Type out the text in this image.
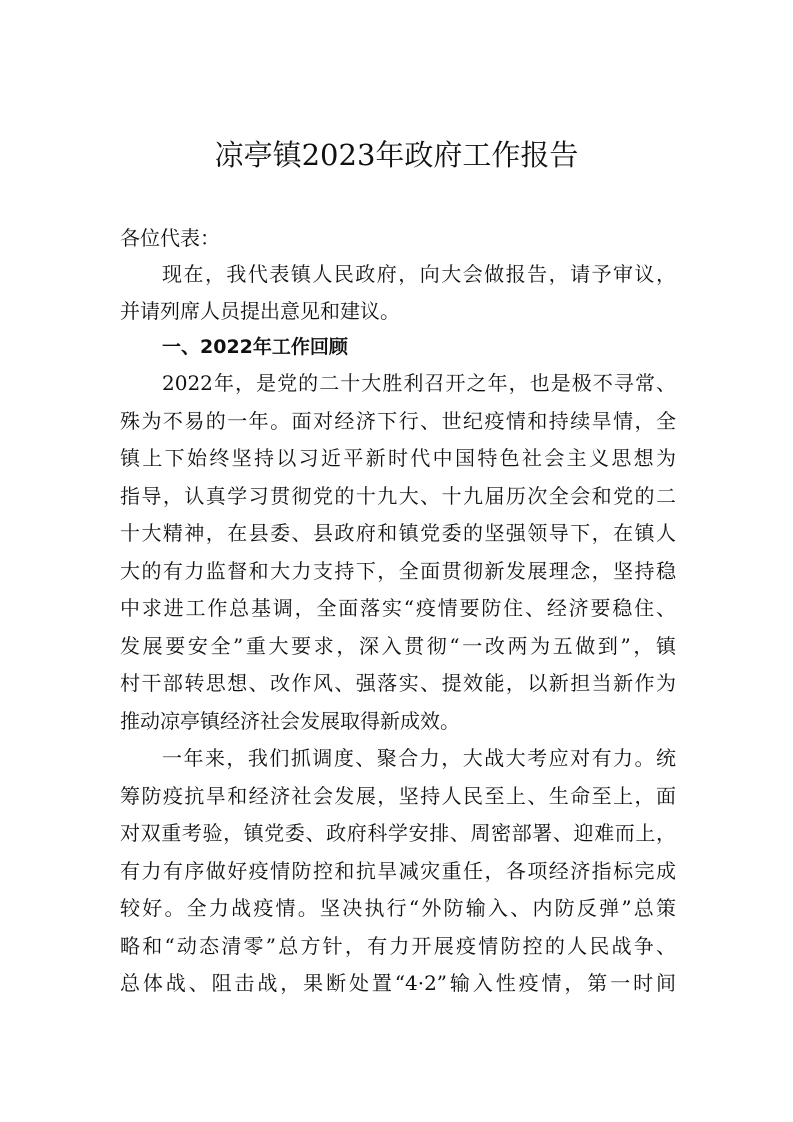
凉亭镇2023年政府工作报告
各位代表：
现在，我代表镇人民政府，向大会做报告，请予审议，
并请列席人员提出意见和建议。
一、2022年工作回顾
2022年，是党的二十大胜利召开之年，也是极不寻常、
殊为不易的一年。面对经济下行、世纪疫情和持续旱情，全
镇上下始终坚持以习近平新时代中国特色社会主义思想为
指导，认真学习贯彻党的十九大、十九届历次全会和党的二
十大精神，在县委、县政府和镇党委的坚强领导下，在镇人
大的有力监督和大力支持下，全面贯彻新发展理念，坚持稳
中求进工作总基调，全面落实“疫情要防住、经济要稳住、
发展要安全”重大要求，深入贯彻“一改两为五做到”，镇
村干部转思想、改作风、强落实、提效能，以新担当新作为
推动凉亭镇经济社会发展取得新成效。
一年来，我们抓调度、聚合力，大战大考应对有力。统
筹防疫抗旱和经济社会发展，坚持人民至上、生命至上，面
对双重考验，镇党委、政府科学安排、周密部署、迎难而上，
有力有序做好疫情防控和抗旱减灾重任，各项经济指标完成
较好。全力战疫情。坚决执行“外防输入、内防反弹”总策
略和“动态清零”总方针，有力开展疫情防控的人民战争、
总体战、阻击战，果断处置“4·2”输入性疫情，第一时间
